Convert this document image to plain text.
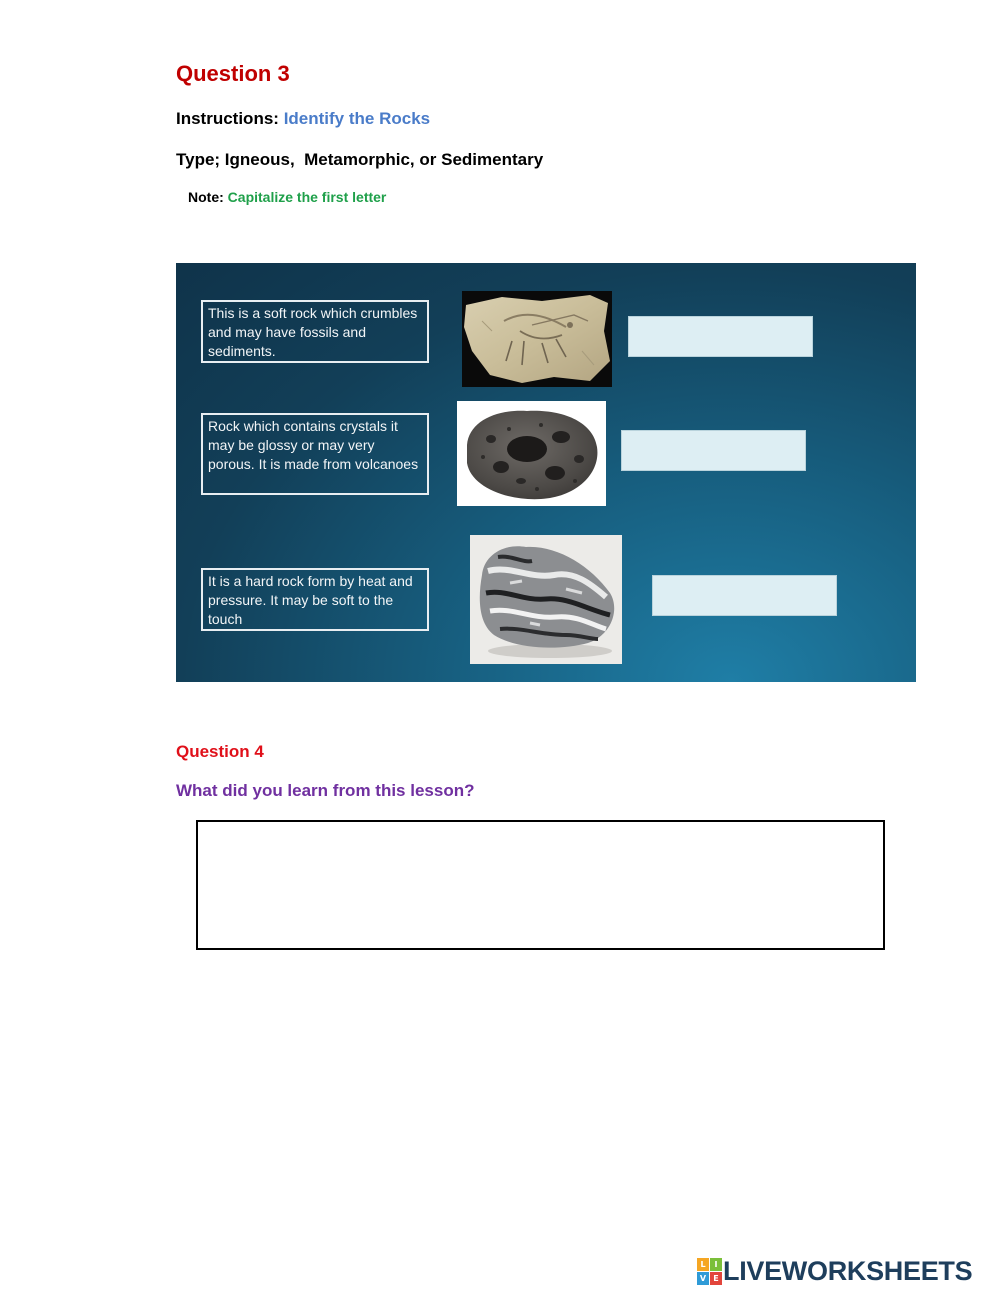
Question 3
Instructions: Identify the Rocks
Type; Igneous,  Metamorphic, or Sedimentary
Note: Capitalize the first letter
This is a soft rock which crumbles and may have fossils and sediments.
Rock which contains crystals it may be glossy or may very porous. It is made from volcanoes
It is a hard rock form by heat and pressure. It may be soft to the touch
Question 4
What did you learn from this lesson?
L	I
V E LIVEWORKSHEETS
